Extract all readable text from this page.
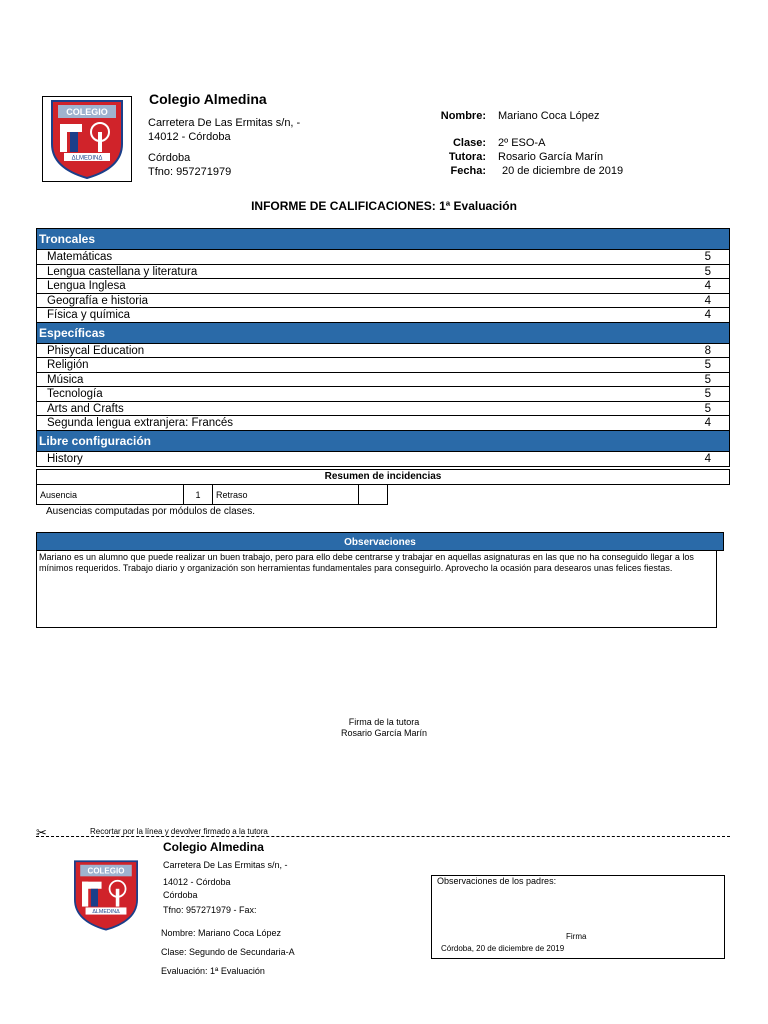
COLEGIO
ΔLMEDINΔ
Colegio Almedina
Carretera De Las Ermitas s/n, -
14012 - Córdoba
Córdoba
Tfno: 957271979
Nombre: Mariano Coca López
Clase: 2º ESO-A
Tutora: Rosario García Marín
Fecha: 20 de diciembre de 2019
INFORME DE CALIFICACIONES: 1ª Evaluación
Troncales
Matemáticas	5
Lengua castellana y literatura	5
Lengua Inglesa	4
Geografía e historia	4
Física y química	4
Específicas
Phisycal Education	8
Religión	5
Música	5
Tecnología	5
Arts and Crafts	5
Segunda lengua extranjera: Francés	4
Libre configuración
History	4
Resumen de incidencias
Ausencia	1	Retraso	
Ausencias computadas por módulos de clases.
Observaciones
Mariano es un alumno que puede realizar un buen trabajo, pero para ello debe centrarse y trabajar en aquellas asignaturas en las que no ha conseguido llegar a los mínimos requeridos. Trabajo diario y organización son herramientas fundamentales para conseguirlo. Aprovecho la ocasión para desearos unas felices fiestas.
Firma de la tutora
Rosario García Marín
✂	Recortar por la línea y devolver firmado a la tutora
COLEGIO
ΔLMEDINΔ
Colegio Almedina
Carretera De Las Ermitas s/n, -
14012 - Córdoba
Córdoba
Tfno: 957271979 - Fax:
Nombre: Mariano Coca López
Clase: Segundo de Secundaria-A
Evaluación: 1ª Evaluación
Observaciones de los padres:
Firma
Córdoba, 20 de diciembre de 2019
